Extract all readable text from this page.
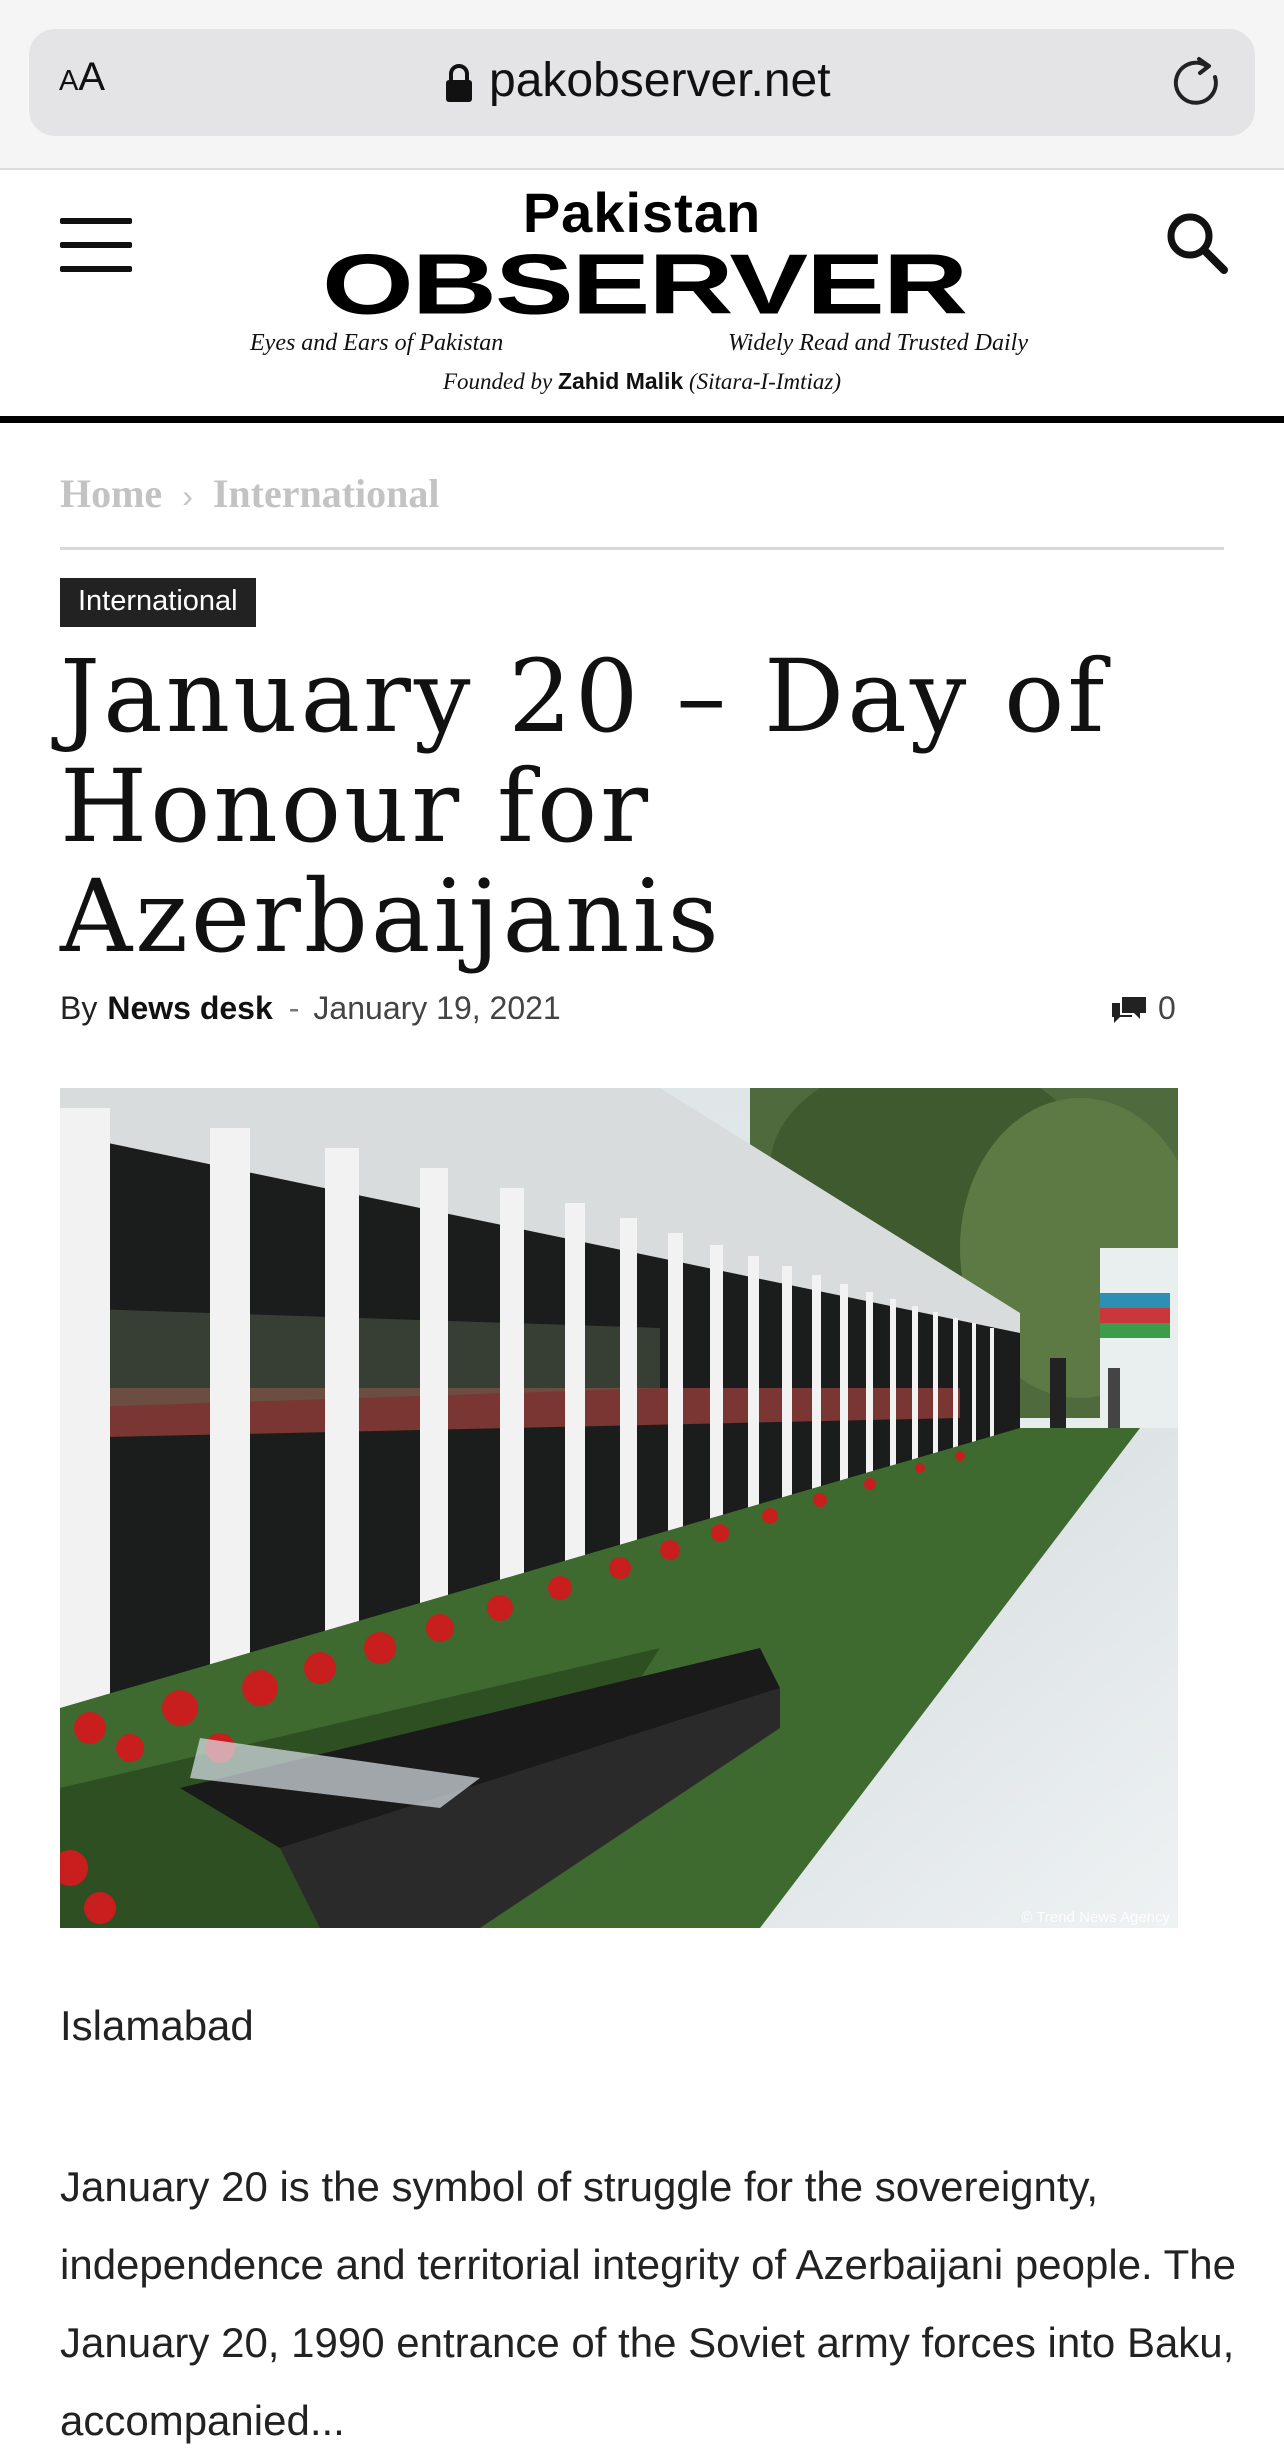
AA	pakobserver.net
Pakistan
OBSERVER
Eyes and Ears of Pakistan	Widely Read and Trusted Daily
Founded by Zahid Malik (Sitara-I-Imtiaz)
Home › International
International
January 20 – Day of Honour for Azerbaijanis
By News desk - January 19, 2021	0
© Trend News Agency
Islamabad

January 20 is the symbol of struggle for the sovereignty, independence and territorial integrity of Azerbaijani people. The January 20, 1990 entrance of the Soviet army forces into Baku, accompanied...
